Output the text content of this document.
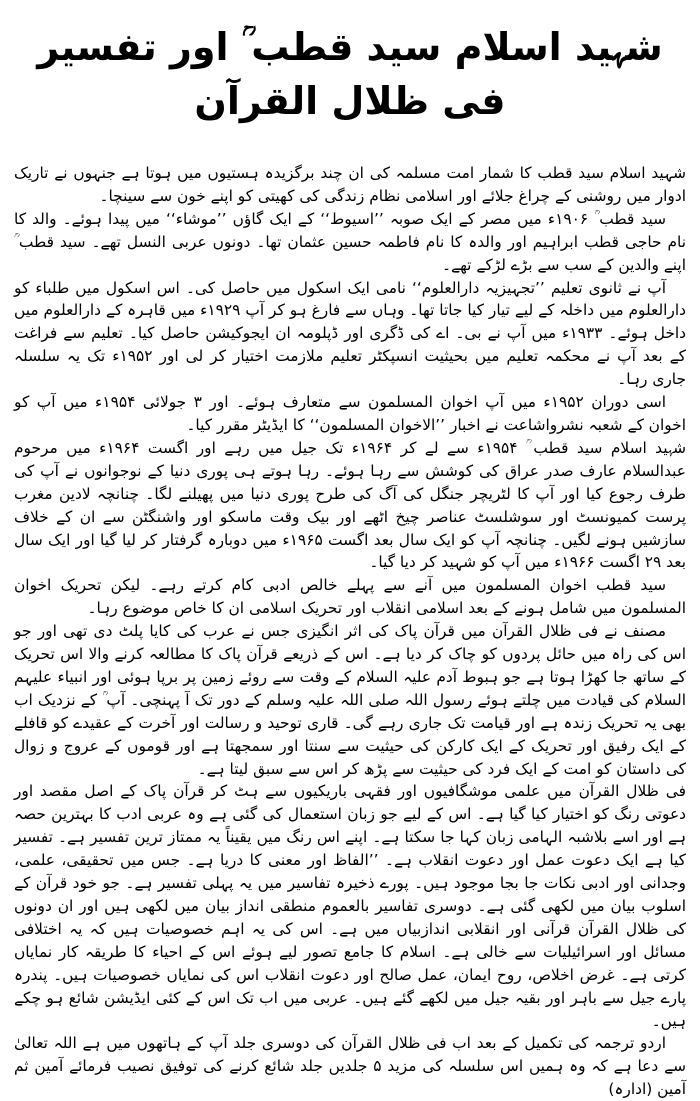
شہید اسلام سید قطب ؒ اور تفسیر فی ظلال القرآن

شہید اسلام سید قطب کا شمار امت مسلمہ کی ان چند برگزیدہ ہستیوں میں ہوتا ہے جنہوں نے تاریک ادوار میں روشنی کے چراغ جلائے اور اسلامی نظام زندگی کی کھیتی کو اپنے خون سے سینچا۔

سید قطب ؒ ۱۹۰۶ء میں مصر کے ایک صوبہ ’’اسیوط‘‘ کے ایک گاؤں ’’موشاء‘‘ میں پیدا ہوئے۔ والد کا نام حاجی قطب ابراہیم اور والدہ کا نام فاطمہ حسین عثمان تھا۔ دونوں عربی النسل تھے۔ سید قطب ؒ اپنے والدین کے سب سے بڑے لڑکے تھے۔

آپ نے ثانوی تعلیم ’’تجہیزیہ دارالعلوم‘‘ نامی ایک اسکول میں حاصل کی۔ اس اسکول میں طلباء کو دارالعلوم میں داخلہ کے لیے تیار کیا جاتا تھا۔ وہاں سے فارغ ہو کر آپ ۱۹۲۹ء میں قاہرہ کے دارالعلوم میں داخل ہوئے۔ ۱۹۳۳ء میں آپ نے بی۔ اے کی ڈگری اور ڈپلومہ ان ایجوکیشن حاصل کیا۔ تعلیم سے فراغت کے بعد آپ نے محکمہ تعلیم میں بحیثیت انسپکٹر تعلیم ملازمت اختیار کر لی اور ۱۹۵۲ء تک یہ سلسلہ جاری رہا۔

اسی دوران ۱۹۵۲ء میں آپ اخوان المسلمون سے متعارف ہوئے۔ اور ۳ جولائی ۱۹۵۴ء میں آپ کو اخوان کے شعبہ نشرواشاعت نے اخبار ’’الاخوان المسلمون‘‘ کا ایڈیٹر مقرر کیا۔

شہید اسلام سید قطب ؒ ۱۹۵۴ء سے لے کر ۱۹۶۴ء تک جیل میں رہے اور اگست ۱۹۶۴ء میں مرحوم عبدالسلام عارف صدر عراق کی کوشش سے رہا ہوئے۔ رہا ہوتے ہی پوری دنیا کے نوجوانوں نے آپ کی طرف رجوع کیا اور آپ کا لٹریچر جنگل کی آگ کی طرح پوری دنیا میں پھیلنے لگا۔ چنانچہ لادین مغرب پرست کمیونسٹ اور سوشلسٹ عناصر چیخ اٹھے اور بیک وقت ماسکو اور واشنگٹن سے ان کے خلاف سازشیں ہونے لگیں۔ چنانچہ آپ کو ایک سال بعد اگست ۱۹۶۵ء میں دوبارہ گرفتار کر لیا گیا اور ایک سال بعد ۲۹ اگست ۱۹۶۶ء میں آپ کو شہید کر دیا گیا۔

سید قطب اخوان المسلمون میں آنے سے پہلے خالص ادبی کام کرتے رہے۔ لیکن تحریک اخوان المسلمون میں شامل ہونے کے بعد اسلامی انقلاب اور تحریک اسلامی ان کا خاص موضوع رہا۔

مصنف نے فی ظلال القرآن میں قرآن پاک کی اثر انگیزی جس نے عرب کی کایا پلٹ دی تھی اور جو اس کی راہ میں حائل پردوں کو چاک کر دیا ہے۔ اس کے ذریعے قرآن پاک کا مطالعہ کرنے والا اس تحریک کے ساتھ جا کھڑا ہوتا ہے جو ہبوط آدم علیہ السلام کے وقت سے روئے زمین پر برپا ہوئی اور انبیاء علیہم السلام کی قیادت میں چلتے ہوئے رسول اللہ صلی اللہ علیہ وسلم کے دور تک آ پہنچی۔ آپ ؒ کے نزدیک اب بھی یہ تحریک زندہ ہے اور قیامت تک جاری رہے گی۔ قاری توحید و رسالت اور آخرت کے عقیدے کو قافلے کے ایک رفیق اور تحریک کے ایک کارکن کی حیثیت سے سنتا اور سمجھتا ہے اور قوموں کے عروج و زوال کی داستان کو امت کے ایک فرد کی حیثیت سے پڑھ کر اس سے سبق لیتا ہے۔

فی ظلال القرآن میں علمی موشگافیوں اور فقہی باریکیوں سے ہٹ کر قرآن پاک کے اصل مقصد اور دعوتی رنگ کو اختیار کیا گیا ہے۔ اس کے لیے جو زبان استعمال کی گئی ہے وہ عربی ادب کا بہترین حصہ ہے اور اسے بلاشبہ الہامی زبان کہا جا سکتا ہے۔ اپنے اس رنگ میں یقیناً یہ ممتاز ترین تفسیر ہے۔ تفسیر کیا ہے ایک دعوت عمل اور دعوت انقلاب ہے۔ ’’الفاظ اور معنی کا دریا ہے۔ جس میں تحقیقی، علمی، وجدانی اور ادبی نکات جا بجا موجود ہیں۔ پورے ذخیرہ تفاسیر میں یہ پہلی تفسیر ہے۔ جو خود قرآن کے اسلوب بیان میں لکھی گئی ہے۔ دوسری تفاسیر بالعموم منطقی انداز بیان میں لکھی ہیں اور ان دونوں کی ظلال القرآن قرآنی اور انقلابی اندازبیاں میں ہے۔ اس کی یہ اہم خصوصیات ہیں کہ یہ اختلافی مسائل اور اسرائیلیات سے خالی ہے۔ اسلام کا جامع تصور لیے ہوئے اس کے احیاء کا طریقہ کار نمایاں کرتی ہے۔ غرض اخلاص، روح ایمان، عمل صالح اور دعوت انقلاب اس کی نمایاں خصوصیات ہیں۔ پندرہ پارے جیل سے باہر اور بقیہ جیل میں لکھے گئے ہیں۔ عربی میں اب تک اس کے کئی ایڈیشن شائع ہو چکے ہیں۔

اردو ترجمہ کی تکمیل کے بعد اب فی ظلال القرآن کی دوسری جلد آپ کے ہاتھوں میں ہے اللہ تعالیٰ سے دعا ہے کہ وہ ہمیں اس سلسلہ کی مزید ۵ جلدیں جلد شائع کرنے کی توفیق نصیب فرمائے آمین ثم آمین (ادارہ)
